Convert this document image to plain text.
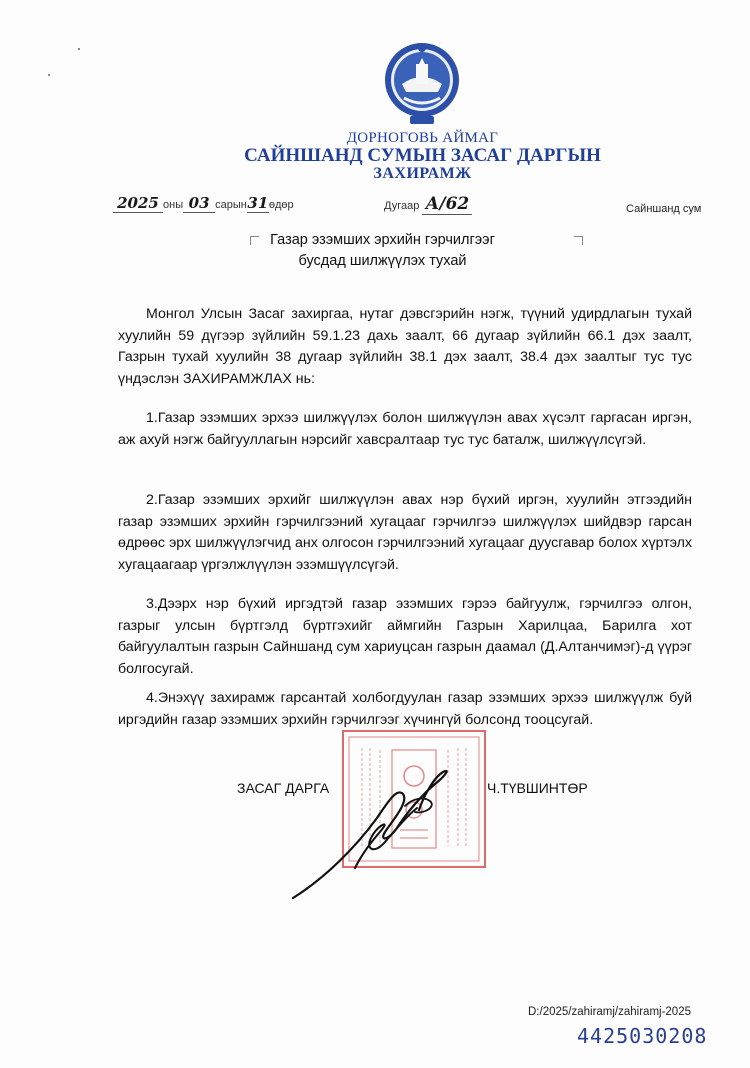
ДОРНОГОВЬ АЙМАГ
САЙНШАНД СУМЫН ЗАСАГ ДАРГЫН
ЗАХИРАМЖ
2025 оны 03 сарын31өдөр	Дугаар А/62	Сайншанд сум
Газар эзэмших эрхийн гэрчилгээг
бусдад шилжүүлэх тухай
Монгол Улсын Засаг захиргаа, нутаг дэвсгэрийн нэгж, түүний удирдлагын тухай хуулийн 59 дүгээр зүйлийн 59.1.23 дахь заалт, 66 дугаар зүйлийн 66.1 дэх заалт, Газрын тухай хуулийн 38 дугаар зүйлийн 38.1 дэх заалт, 38.4 дэх заалтыг тус тус үндэслэн ЗАХИРАМЖЛАХ нь:
1.Газар эзэмших эрхээ шилжүүлэх болон шилжүүлэн авах хүсэлт гаргасан иргэн, аж ахуй нэгж байгууллагын нэрсийг хавсралтаар тус тус баталж, шилжүүлсүгэй.
2.Газар эзэмших эрхийг шилжүүлэн авах нэр бүхий иргэн, хуулийн этгээдийн газар эзэмших эрхийн гэрчилгээний хугацааг гэрчилгээ шилжүүлэх шийдвэр гарсан өдрөөс эрх шилжүүлэгчид анх олгосон гэрчилгээний хугацааг дуусгавар болох хүртэлх хугацаагаар үргэлжлүүлэн эзэмшүүлсүгэй.
3.Дээрх нэр бүхий иргэдтэй газар эзэмших гэрээ байгуулж, гэрчилгээ олгон, газрыг улсын бүртгэлд бүртгэхийг аймгийн Газрын Харилцаа, Барилга хот байгуулалтын газрын Сайншанд сум хариуцсан газрын даамал (Д.Алтанчимэг)-д үүрэг болгосугай.
4.Энэхүү захирамж гарсантай холбогдуулан газар эзэмших эрхээ шилжүүлж буй иргэдийн газар эзэмших эрхийн гэрчилгээг хүчингүй болсонд тооцсугай.
ЗАСАГ ДАРГА	Ч.ТҮВШИНТӨР
D:/2025/zahiramj/zahiramj-2025
4425030208
